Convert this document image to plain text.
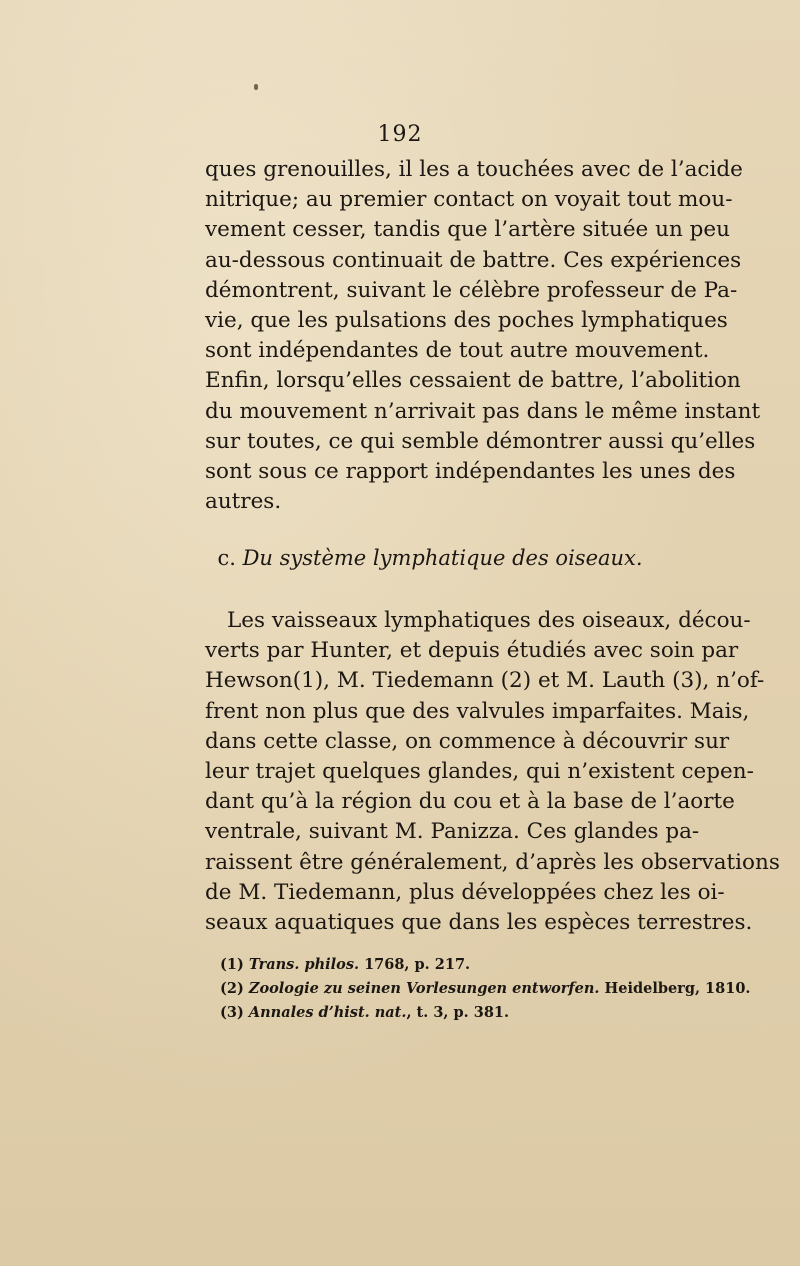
192
ques grenouilles, il les a touchées avec de l’acide
nitrique; au premier contact on voyait tout mou-
vement cesser, tandis que l’artère située un peu
au-dessous continuait de battre. Ces expériences
démontrent, suivant le célèbre professeur de Pa-
vie, que les pulsations des poches lymphatiques
sont indépendantes de tout autre mouvement.
Enfin, lorsqu’elles cessaient de battre, l’abolition
du mouvement n’arrivait pas dans le même instant
sur toutes, ce qui semble démontrer aussi qu’elles
sont sous ce rapport indépendantes les unes des
autres.
c. Du système lymphatique des oiseaux.
Les vaisseaux lymphatiques des oiseaux, décou-
verts par Hunter, et depuis étudiés avec soin par
Hewson(1), M. Tiedemann (2) et M. Lauth (3), n’of-
frent non plus que des valvules imparfaites. Mais,
dans cette classe, on commence à découvrir sur
leur trajet quelques glandes, qui n’existent cepen-
dant qu’à la région du cou et à la base de l’aorte
ventrale, suivant M. Panizza. Ces glandes pa-
raissent être généralement, d’après les observations
de M. Tiedemann, plus développées chez les oi-
seaux aquatiques que dans les espèces terrestres.
(1) Trans. philos. 1768, p. 217.
(2) Zoologie zu seinen Vorlesungen entworfen. Heidelberg, 1810.
(3) Annales d’hist. nat., t. 3, p. 381.
